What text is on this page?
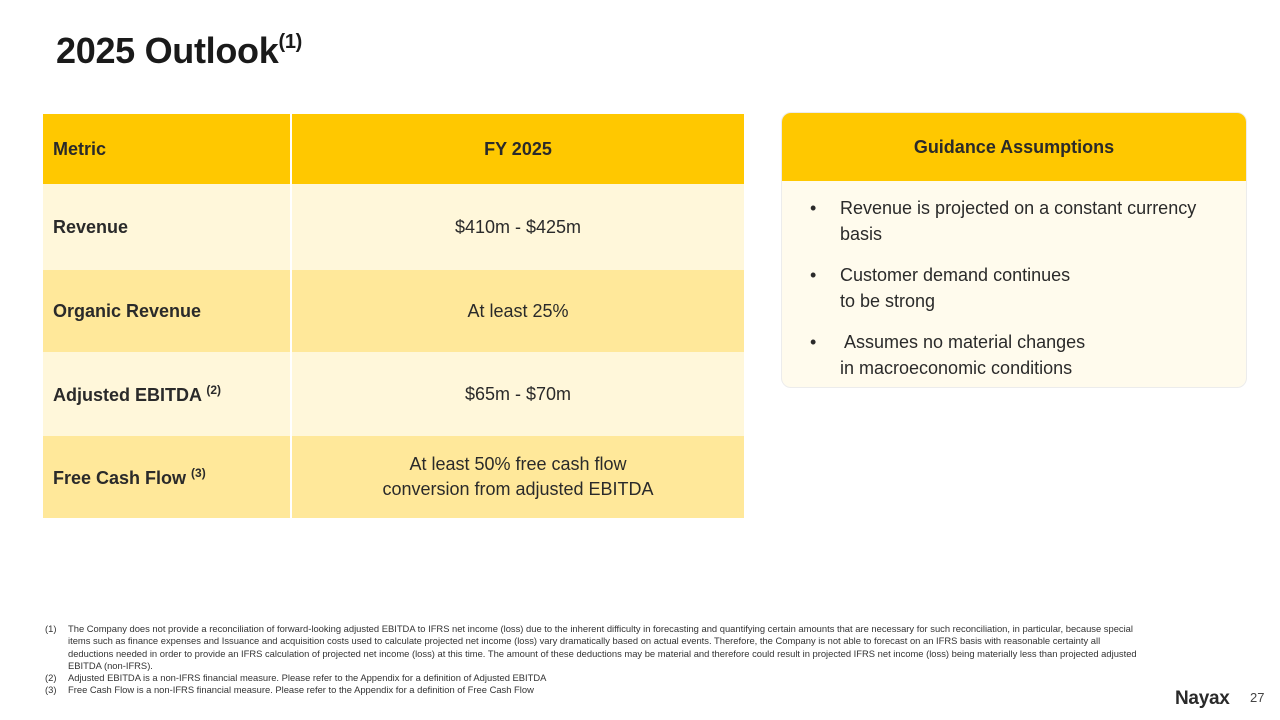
2025 Outlook$^{(1)}$
Metric	FY 2025
Revenue	$410m - $425m
Organic Revenue	At least 25%
Adjusted EBITDA $^{(2)}$	$65m - $70m
Free Cash Flow $^{(3)}$	At least 50% free cash flow
conversion from adjusted EBITDA
Guidance Assumptions
• Revenue is projected on a constant currency
basis
• Customer demand continues
to be strong
• Assumes no material changes
in macroeconomic conditions
(1)	The Company does not provide a reconciliation of forward-looking adjusted EBITDA to IFRS net income (loss) due to the inherent difficulty in forecasting and quantifying certain amounts that are necessary for such reconciliation, in particular, because special items such as finance expenses and Issuance and acquisition costs used to calculate projected net income (loss) vary dramatically based on actual events. Therefore, the Company is not able to forecast on an IFRS basis with reasonable certainty all deductions needed in order to provide an IFRS calculation of projected net income (loss) at this time. The amount of these deductions may be material and therefore could result in projected IFRS net income (loss) being materially less than projected adjusted EBITDA (non-IFRS).
(2)	Adjusted EBITDA is a non-IFRS financial measure. Please refer to the Appendix for a definition of Adjusted EBITDA
(3)	Free Cash Flow is a non-IFRS financial measure. Please refer to the Appendix for a definition of Free Cash Flow	Nayax 27
